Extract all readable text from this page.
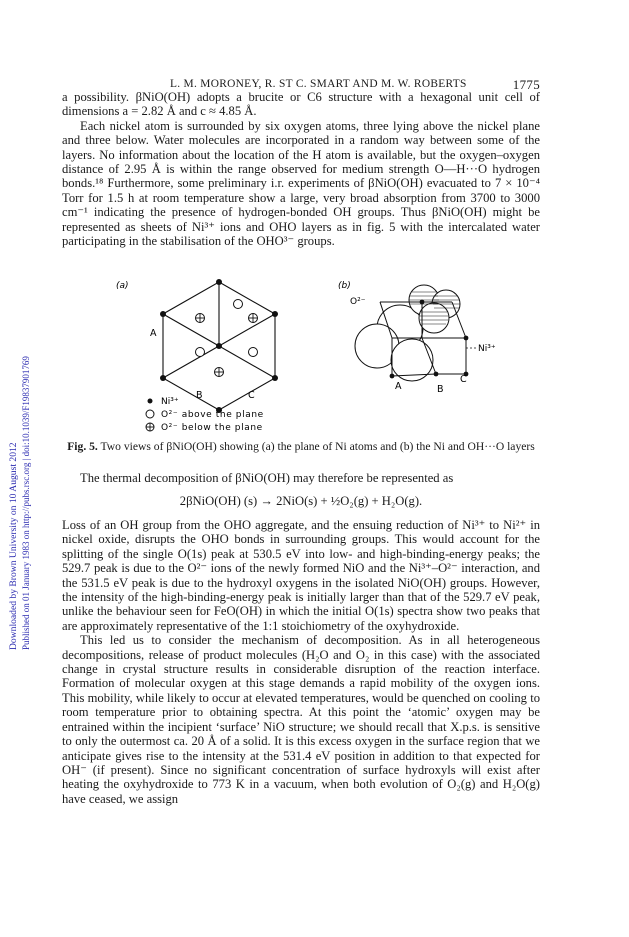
L. M. MORONEY, R. ST C. SMART AND M. W. ROBERTS	1775
Downloaded by Brown University on 10 August 2012 Published on 01 January 1983 on http://pubs.rsc.org | doi:10.1039/F19837901769

a possibility. βNiO(OH) adopts a brucite or C6 structure with a hexagonal unit cell of dimensions a = 2.82 Å and c ≈ 4.85 Å.

Each nickel atom is surrounded by six oxygen atoms, three lying above the nickel plane and three below. Water molecules are incorporated in a random way between some of the layers. No information about the location of the H atom is available, but the oxygen–oxygen distance of 2.95 Å is within the range observed for medium strength O—H···O hydrogen bonds.¹⁸ Furthermore, some preliminary i.r. experiments of βNiO(OH) evacuated to 7 × 10⁻⁴ Torr for 1.5 h at room temperature show a large, very broad absorption from 3700 to 3000 cm⁻¹ indicating the presence of hydrogen-bonded OH groups. Thus βNiO(OH) might be represented as sheets of Ni³⁺ ions and OHO layers as in fig. 5 with the intercalated water participating in the stabilisation of the OHO³⁻ groups.

(a)
A
B	C
Ni³⁺
O²⁻ above the plane
O²⁻ below the plane
(b)
O²⁻
Ni³⁺
A	B
C
Fig. 5. Two views of βNiO(OH) showing (a) the plane of Ni atoms and (b) the Ni and OH···O layers
The thermal decomposition of βNiO(OH) may therefore be represented as
2βNiO(OH) (s) → 2NiO(s) + ½O₂(g) + H₂O(g).

Loss of an OH group from the OHO aggregate, and the ensuing reduction of Ni³⁺ to Ni²⁺ in nickel oxide, disrupts the OHO bonds in surrounding groups. This would account for the splitting of the single O(1s) peak at 530.5 eV into low- and high-binding-energy peaks; the 529.7 peak is due to the O²⁻ ions of the newly formed NiO and the Ni³⁺–O²⁻ interaction, and the 531.5 eV peak is due to the hydroxyl oxygens in the isolated NiO(OH) groups. However, the intensity of the high-binding-energy peak is initially larger than that of the 529.7 eV peak, unlike the behaviour seen for FeO(OH) in which the initial O(1s) spectra show two peaks that are approximately representative of the 1:1 stoichiometry of the oxyhydroxide.

This led us to consider the mechanism of decomposition. As in all heterogeneous decompositions, release of product molecules (H₂O and O₂ in this case) with the associated change in crystal structure results in considerable disruption of the reaction interface. Formation of molecular oxygen at this stage demands a rapid mobility of the oxygen ions. This mobility, while likely to occur at elevated temperatures, would be quenched on cooling to room temperature prior to obtaining spectra. At this point the ‘atomic’ oxygen may be entrained within the incipient ‘surface’ NiO structure; we should recall that X.p.s. is sensitive to only the outermost ca. 20 Å of a solid. It is this excess oxygen in the surface region that we anticipate gives rise to the intensity at the 531.4 eV position in addition to that expected for OH⁻ (if present). Since no significant concentration of surface hydroxyls will exist after heating the oxyhydroxide to 773 K in a vacuum, when both evolution of O₂(g) and H₂O(g) have ceased, we assign
